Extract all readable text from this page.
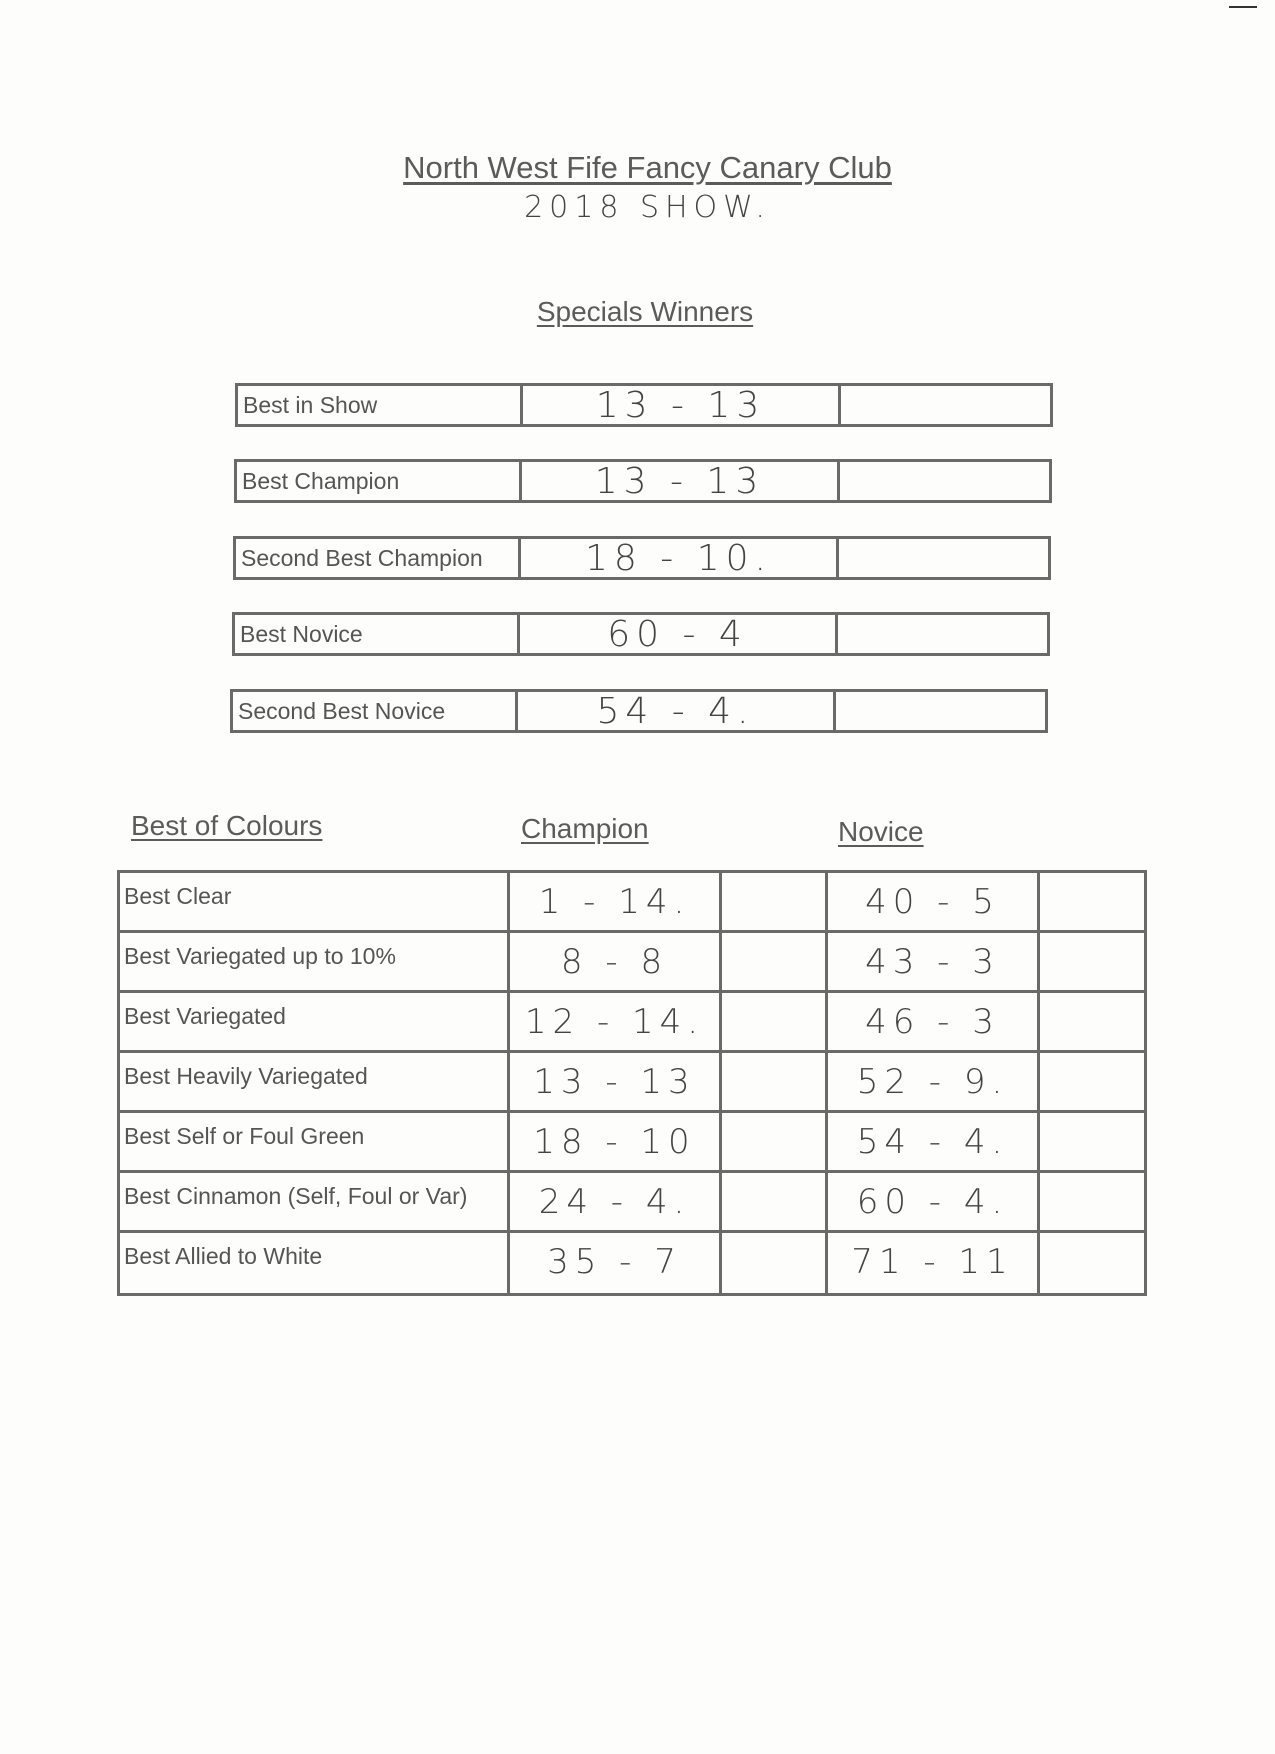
North West Fife Fancy Canary Club
2018 SHOW.
Specials Winners
Best in Show	13 - 13
Best Champion	13 - 13
Second Best Champion	18 - 10.
Best Novice	60 - 4
Second Best Novice	54 - 4.
Best of Colours	Champion	Novice
Best Clear	1 - 14.	40 - 5
Best Variegated up to 10%	8 - 8	43 - 3
Best Variegated	12 - 14.	46 - 3
Best Heavily Variegated	13 - 13	52 - 9.
Best Self or Foul Green	18 - 10	54 - 4.
Best Cinnamon (Self, Foul or Var)	24 - 4.	60 - 4.
Best Allied to White	35 - 7	71 - 11
